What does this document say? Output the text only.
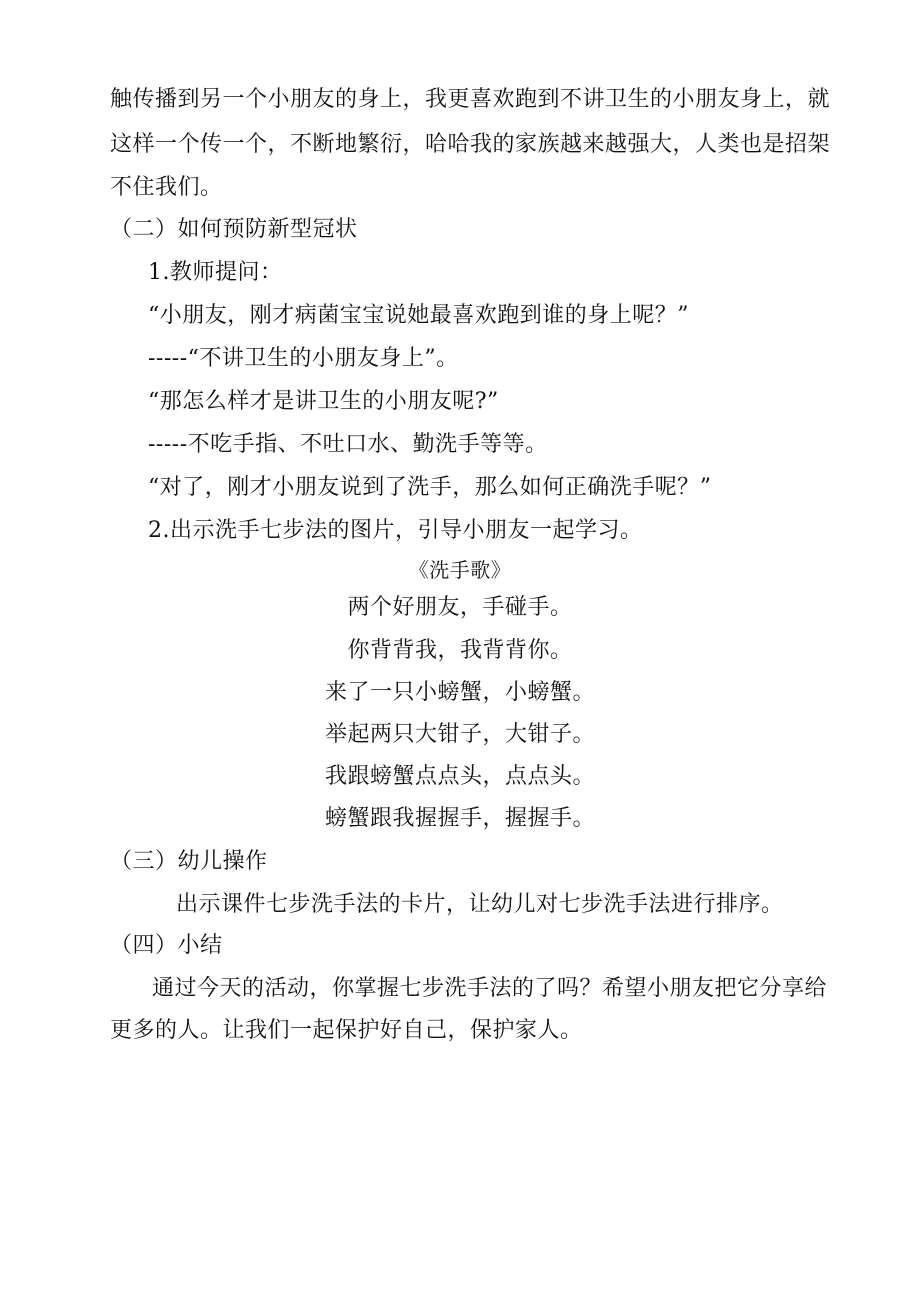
触传播到另一个小朋友的身上，我更喜欢跑到不讲卫生的小朋友身上，就
这样一个传一个，不断地繁衍，哈哈我的家族越来越强大，人类也是招架
不住我们。
（二）如何预防新型冠状
1.教师提问：
“小朋友，刚才病菌宝宝说她最喜欢跑到谁的身上呢？”
-----“不讲卫生的小朋友身上”。
“那怎么样才是讲卫生的小朋友呢?”
-----不吃手指、不吐口水、勤洗手等等。
“对了，刚才小朋友说到了洗手，那么如何正确洗手呢？”
2.出示洗手七步法的图片，引导小朋友一起学习。
《洗手歌》
两个好朋友，手碰手。
你背背我，我背背你。
来了一只小螃蟹，小螃蟹。
举起两只大钳子，大钳子。
我跟螃蟹点点头，点点头。
螃蟹跟我握握手，握握手。
（三）幼儿操作
出示课件七步洗手法的卡片，让幼儿对七步洗手法进行排序。
（四）小结
通过今天的活动，你掌握七步洗手法的了吗？希望小朋友把它分享给
更多的人。让我们一起保护好自己，保护家人。
